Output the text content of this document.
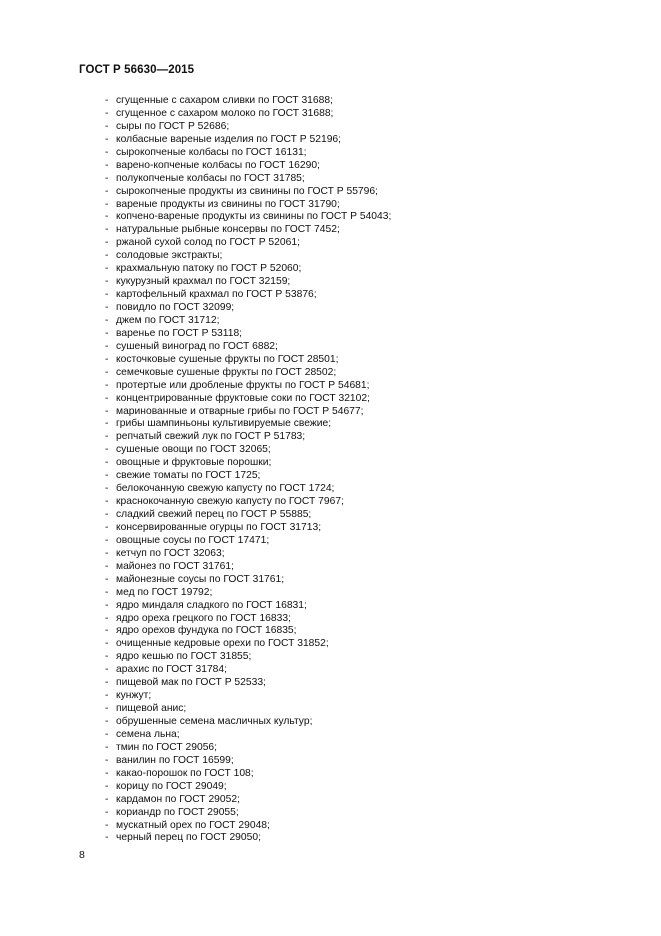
ГОСТ Р 56630—2015
- сгущенные с сахаром сливки по ГОСТ 31688;
- сгущенное с сахаром молоко по ГОСТ 31688;
- сыры по ГОСТ Р 52686;
- колбасные вареные изделия по ГОСТ Р 52196;
- сырокопченые колбасы по ГОСТ 16131;
- варено-копченые колбасы по ГОСТ 16290;
- полукопченые колбасы по ГОСТ 31785;
- сырокопченые продукты из свинины по ГОСТ Р 55796;
- вареные продукты из свинины по ГОСТ 31790;
- копчено-вареные продукты из свинины по ГОСТ Р 54043;
- натуральные рыбные консервы по ГОСТ 7452;
- ржаной сухой солод по ГОСТ Р 52061;
- солодовые экстракты;
- крахмальную патоку по ГОСТ Р 52060;
- кукурузный крахмал по ГОСТ 32159;
- картофельный крахмал по ГОСТ Р 53876;
- повидло по ГОСТ 32099;
- джем по ГОСТ 31712;
- варенье по ГОСТ Р 53118;
- сушеный виноград по ГОСТ 6882;
- косточковые сушеные фрукты по ГОСТ 28501;
- семечковые сушеные фрукты по ГОСТ 28502;
- протертые или дробленые фрукты по ГОСТ Р 54681;
- концентрированные фруктовые соки по ГОСТ 32102;
- маринованные и отварные грибы по ГОСТ Р 54677;
- грибы шампиньоны культивируемые свежие;
- репчатый свежий лук по ГОСТ Р 51783;
- сушеные овощи по ГОСТ 32065;
- овощные и фруктовые порошки;
- свежие томаты по ГОСТ 1725;
- белокочанную свежую капусту по ГОСТ 1724;
- краснокочанную свежую капусту по ГОСТ 7967;
- сладкий свежий перец по ГОСТ Р 55885;
- консервированные огурцы по ГОСТ 31713;
- овощные соусы по ГОСТ 17471;
- кетчуп по ГОСТ 32063;
- майонез по ГОСТ 31761;
- майонезные соусы по ГОСТ 31761;
- мед по ГОСТ 19792;
- ядро миндаля сладкого по ГОСТ 16831;
- ядро ореха грецкого по ГОСТ 16833;
- ядро орехов фундука по ГОСТ 16835;
- очищенные кедровые орехи по ГОСТ 31852;
- ядро кешью по ГОСТ 31855;
- арахис по ГОСТ 31784;
- пищевой мак по ГОСТ Р 52533;
- кунжут;
- пищевой анис;
- обрушенные семена масличных культур;
- семена льна;
- тмин по ГОСТ 29056;
- ванилин по ГОСТ 16599;
- какао-порошок по ГОСТ 108;
- корицу по ГОСТ 29049;
- кардамон по ГОСТ 29052;
- кориандр по ГОСТ 29055;
- мускатный орех по ГОСТ 29048;
- черный перец по ГОСТ 29050;
8
